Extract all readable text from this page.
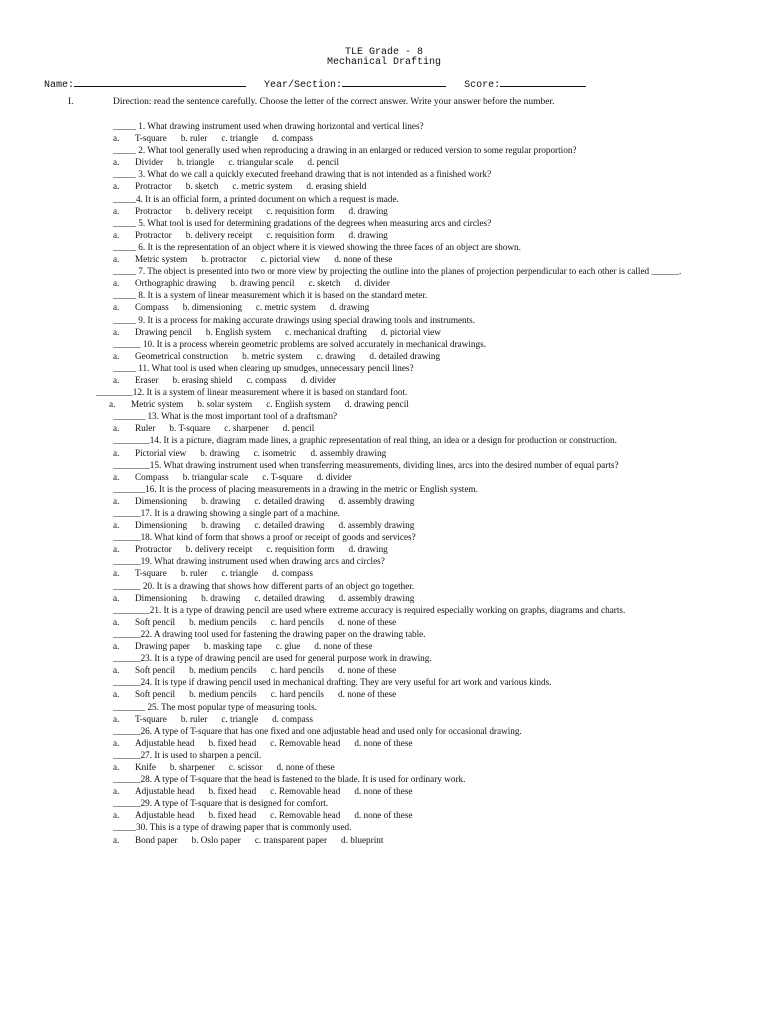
TLE Grade - 8
Mechanical Drafting
Name:	Year/Section:	Score:
I.	Direction: read the sentence carefully. Choose the letter of the correct answer. Write your answer before the number.
_____ 1. What drawing instrument used when drawing horizontal and vertical lines?
a.	T-square b. ruler c. triangle d. compass
_____ 2. What tool generally used when reproducing a drawing in an enlarged or reduced version to some regular proportion?
a.	Divider b. triangle c. triangular scale d. pencil
_____ 3. What do we call a quickly executed freehand drawing that is not intended as a finished work?
a.	Protractor b. sketch c. metric system d. erasing shield
_____4. It is an official form, a printed document on which a request is made.
a.	Protractor b. delivery receipt c. requisition form d. drawing
_____ 5. What tool is used for determining gradations of the degrees when measuring arcs and circles?
a.	Protractor b. delivery receipt c. requisition form d. drawing
_____ 6. It is the representation of an object where it is viewed showing the three faces of an object are shown.
a.	Metric system b. protractor c. pictorial view d. none of these
_____ 7. The object is presented into two or more view by projecting the outline into the planes of projection perpendicular to each other is called ______.
a.	Orthographic drawing b. drawing pencil c. sketch d. divider
_____ 8. It is a system of linear measurement which it is based on the standard meter.
a.	Compass b. dimensioning c. metric system d. drawing
_____ 9. It is a process for making accurate drawings using special drawing tools and instruments.
a.	Drawing pencil b. English system c. mechanical drafting d. pictorial view
______ 10. It is a process wherein geometric problems are solved accurately in mechanical drawings.
a.	Geometrical construction b. metric system c. drawing d. detailed drawing
_____ 11. What tool is used when clearing up smudges, unnecessary pencil lines?
a.	Eraser b. erasing shield c. compass d. divider
________12. It is a system of linear measurement where it is based on standard foot.
a.	Metric system b. solar system c. English system d. drawing pencil
_______ 13. What is the most important tool of a draftsman?
a.	Ruler b. T-square c. sharpener d. pencil
________14. It is a picture, diagram made lines, a graphic representation of real thing, an idea or a design for production or construction.
a.	Pictorial view b. drawing c. isometric d. assembly drawing
________15. What drawing instrument used when transferring measurements, dividing lines, arcs into the desired number of equal parts?
a.	Compass b. triangular scale c. T-square d. divider
_______16. It is the process of placing measurements in a drawing in the metric or English system.
a.	Dimensioning b. drawing c. detailed drawing d. assembly drawing
______17. It is a drawing showing a single part of a machine.
a.	Dimensioning b. drawing c. detailed drawing d. assembly drawing
______18. What kind of form that shows a proof or receipt of goods and services?
a.	Protractor b. delivery receipt c. requisition form d. drawing
______19. What drawing instrument used when drawing arcs and circles?
a.	T-square b. ruler c. triangle d. compass
______ 20. It is a drawing that shows how different parts of an object go together.
a.	Dimensioning b. drawing c. detailed drawing d. assembly drawing
________21. It is a type of drawing pencil are used where extreme accuracy is required especially working on graphs, diagrams and charts.
a.	Soft pencil b. medium pencils c. hard pencils d. none of these
______22. A drawing tool used for fastening the drawing paper on the drawing table.
a.	Drawing paper b. masking tape c. glue d. none of these
______23. It is a type of drawing pencil are used for general purpose work in drawing.
a.	Soft pencil b. medium pencils c. hard pencils d. none of these
______24. It is type if drawing pencil used in mechanical drafting. They are very useful for art work and various kinds.
a.	Soft pencil b. medium pencils c. hard pencils d. none of these
_______ 25. The most popular type of measuring tools.
a.	T-square b. ruler c. triangle d. compass
______26. A type of T-square that has one fixed and one adjustable head and used only for occasional drawing.
a.	Adjustable head b. fixed head c. Removable head d. none of these
______27. It is used to sharpen a pencil.
a.	Knife b. sharpener c. scissor d. none of these
______28. A type of T-square that the head is fastened to the blade. It is used for ordinary work.
a.	Adjustable head b. fixed head c. Removable head d. none of these
______29. A type of T-square that is designed for comfort.
a.	Adjustable head b. fixed head c. Removable head d. none of these
_____30. This is a type of drawing paper that is commonly used.
a.	Bond paper b. Oslo paper c. transparent paper d. blueprint
